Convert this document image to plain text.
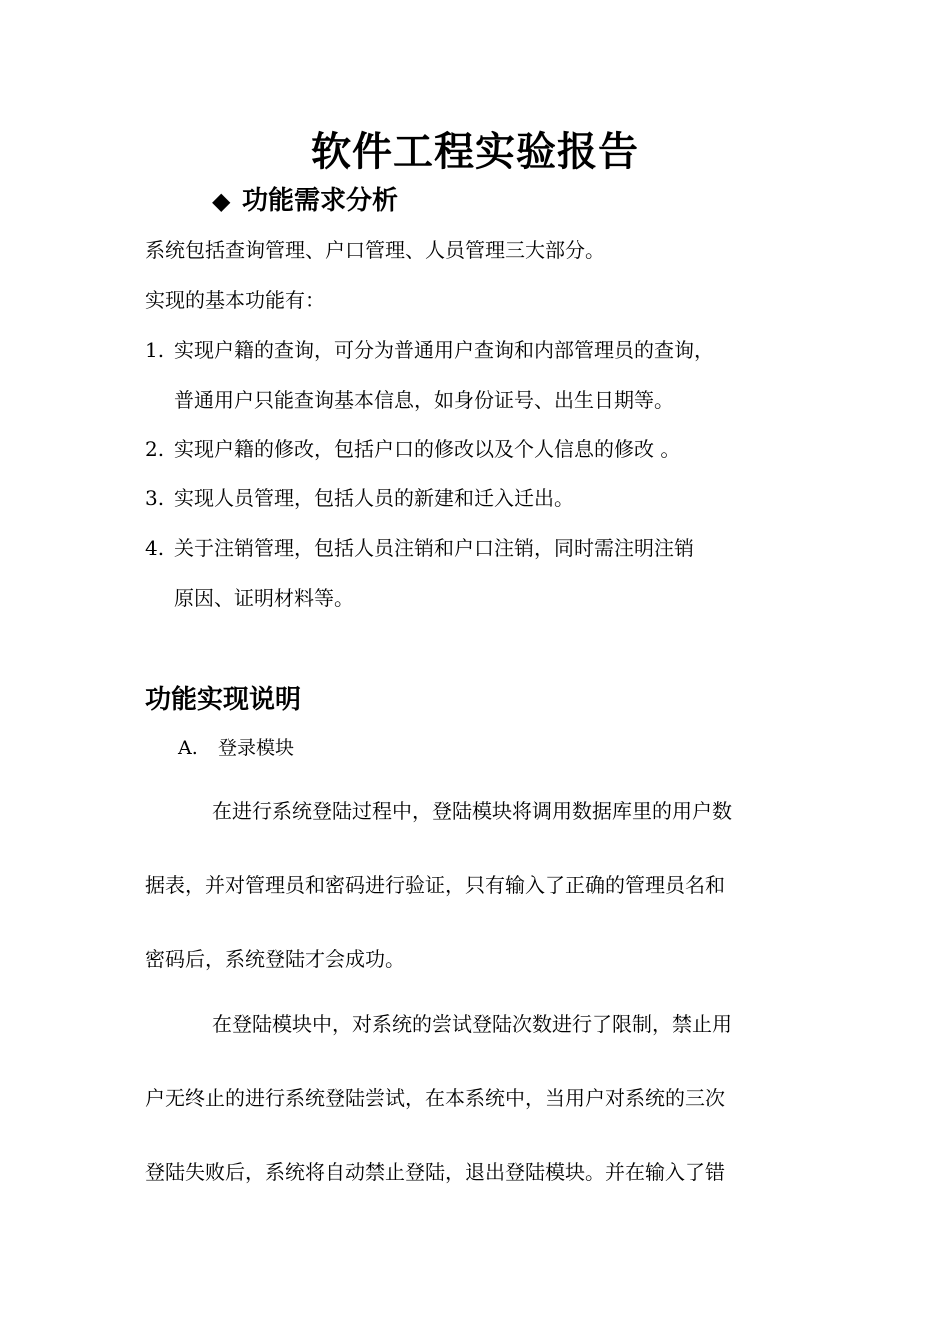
软件工程实验报告
◆ 功能需求分析
系统包括查询管理、户口管理、人员管理三大部分。
实现的基本功能有：
1. 实现户籍的查询，可分为普通用户查询和内部管理员的查询，
普通用户只能查询基本信息，如身份证号、出生日期等。
2. 实现户籍的修改，包括户口的修改以及个人信息的修改 。
3. 实现人员管理，包括人员的新建和迁入迁出。
4. 关于注销管理，包括人员注销和户口注销，同时需注明注销
原因、证明材料等。
功能实现说明
A. 登录模块
在进行系统登陆过程中，登陆模块将调用数据库里的用户数
据表，并对管理员和密码进行验证，只有输入了正确的管理员名和
密码后，系统登陆才会成功。
在登陆模块中，对系统的尝试登陆次数进行了限制，禁止用
户无终止的进行系统登陆尝试，在本系统中，当用户对系统的三次
登陆失败后，系统将自动禁止登陆，退出登陆模块。并在输入了错
